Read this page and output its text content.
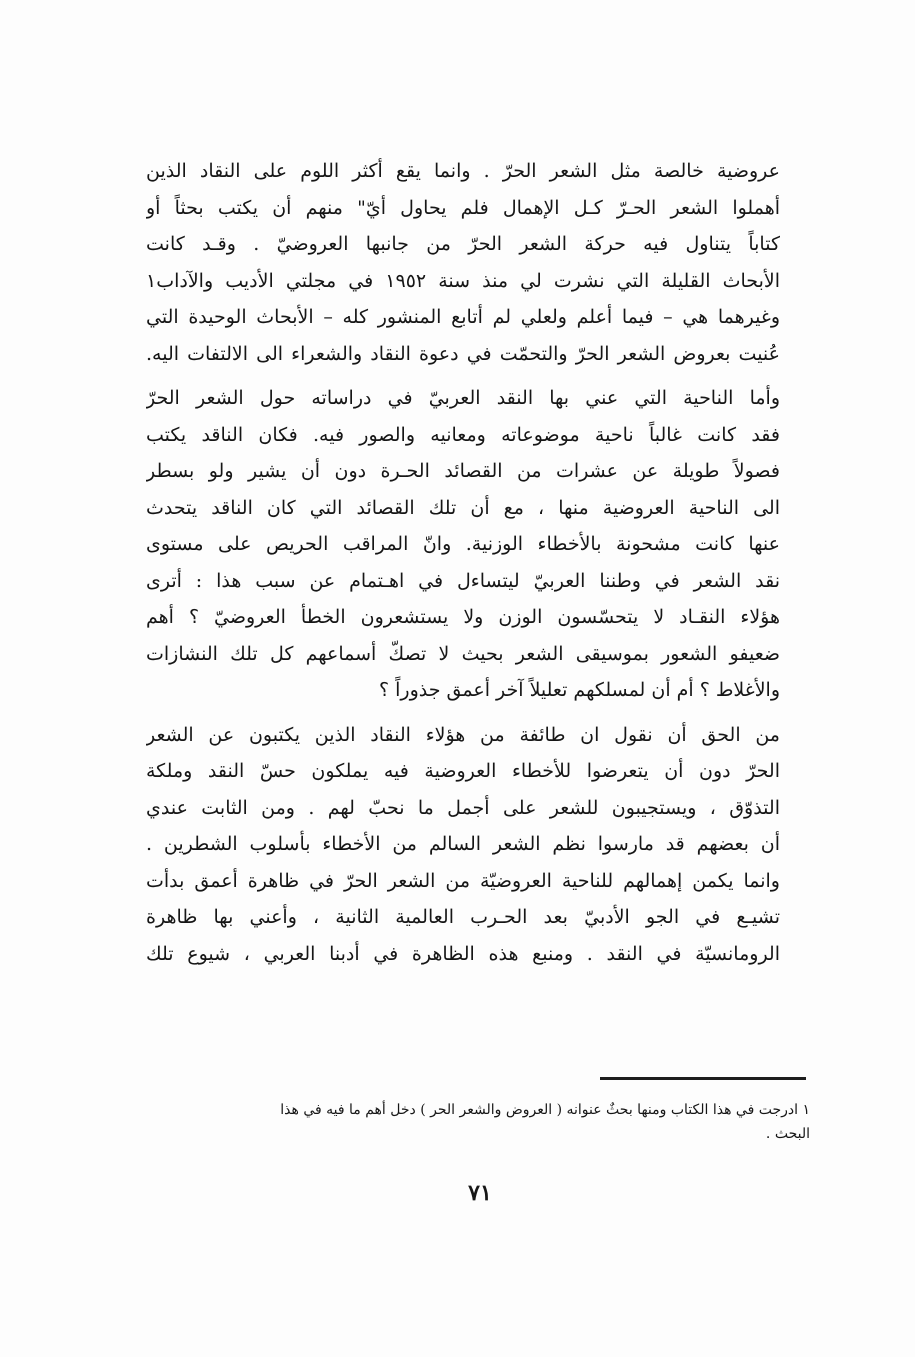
عروضية خالصة مثل الشعر الحرّ . وانما يقع أكثر اللوم على النقاد الذين
أهملوا الشعر الحـرّ كـل الإهمال فلم يحاول أيّ" منهم أن يكتب بحثاً أو
كتاباً يتناول فيه حركة الشعر الحرّ من جانبها العروضيّ . وقـد كانت
الأبحاث القليلة التي نشرت لي منذ سنة ١٩٥٢ في مجلتي الأديب والآداب١
وغيرهما هي – فيما أعلم ولعلي لم أتابع المنشور كله – الأبحاث الوحيدة التي
عُنيت بعروض الشعر الحرّ والتحمّت في دعوة النقاد والشعراء الى الالتفات اليه.
وأما الناحية التي عني بها النقد العربيّ في دراساته حول الشعر الحرّ
فقد كانت غالباً ناحية موضوعاته ومعانيه والصور فيه. فكان الناقد يكتب
فصولاً طويلة عن عشرات من القصائد الحـرة دون أن يشير ولو بسطر
الى الناحية العروضية منها ، مع أن تلك القصائد التي كان الناقد يتحدث
عنها كانت مشحونة بالأخطاء الوزنية. وانّ المراقب الحريص على مستوى
نقد الشعر في وطننا العربيّ ليتساءل في اهـتمام عن سبب هذا : أترى
هؤلاء النقـاد لا يتحسّسون الوزن ولا يستشعرون الخطأ العروضيّ ؟ أهم
ضعيفو الشعور بموسيقى الشعر بحيث لا تصكّ أسماعهم كل تلك النشازات
والأغلاط ؟ أم أن لمسلكهم تعليلاً آخر أعمق جذوراً ؟
من الحق أن نقول ان طائفة من هؤلاء النقاد الذين يكتبون عن الشعر
الحرّ دون أن يتعرضوا للأخطاء العروضية فيه يملكون حسّ النقد وملكة
التذوّق ، ويستجيبون للشعر على أجمل ما نحبّ لهم . ومن الثابت عندي
أن بعضهم قد مارسوا نظم الشعر السالم من الأخطاء بأسلوب الشطرين .
وانما يكمن إهمالهم للناحية العروضيّة من الشعر الحرّ في ظاهرة أعمق بدأت
تشيـع في الجو الأدبيّ بعد الحـرب العالمية الثانية ، وأعني بها ظاهرة
الرومانسيّة في النقد . ومنبع هذه الظاهرة في أدبنا العربي ، شيوع تلك
١ ادرجت في هذا الكتاب ومنها بحثٌ عنوانه ( العروض والشعر الحر ) دخل أهم ما فيه في هذا
البحث .
٧١
